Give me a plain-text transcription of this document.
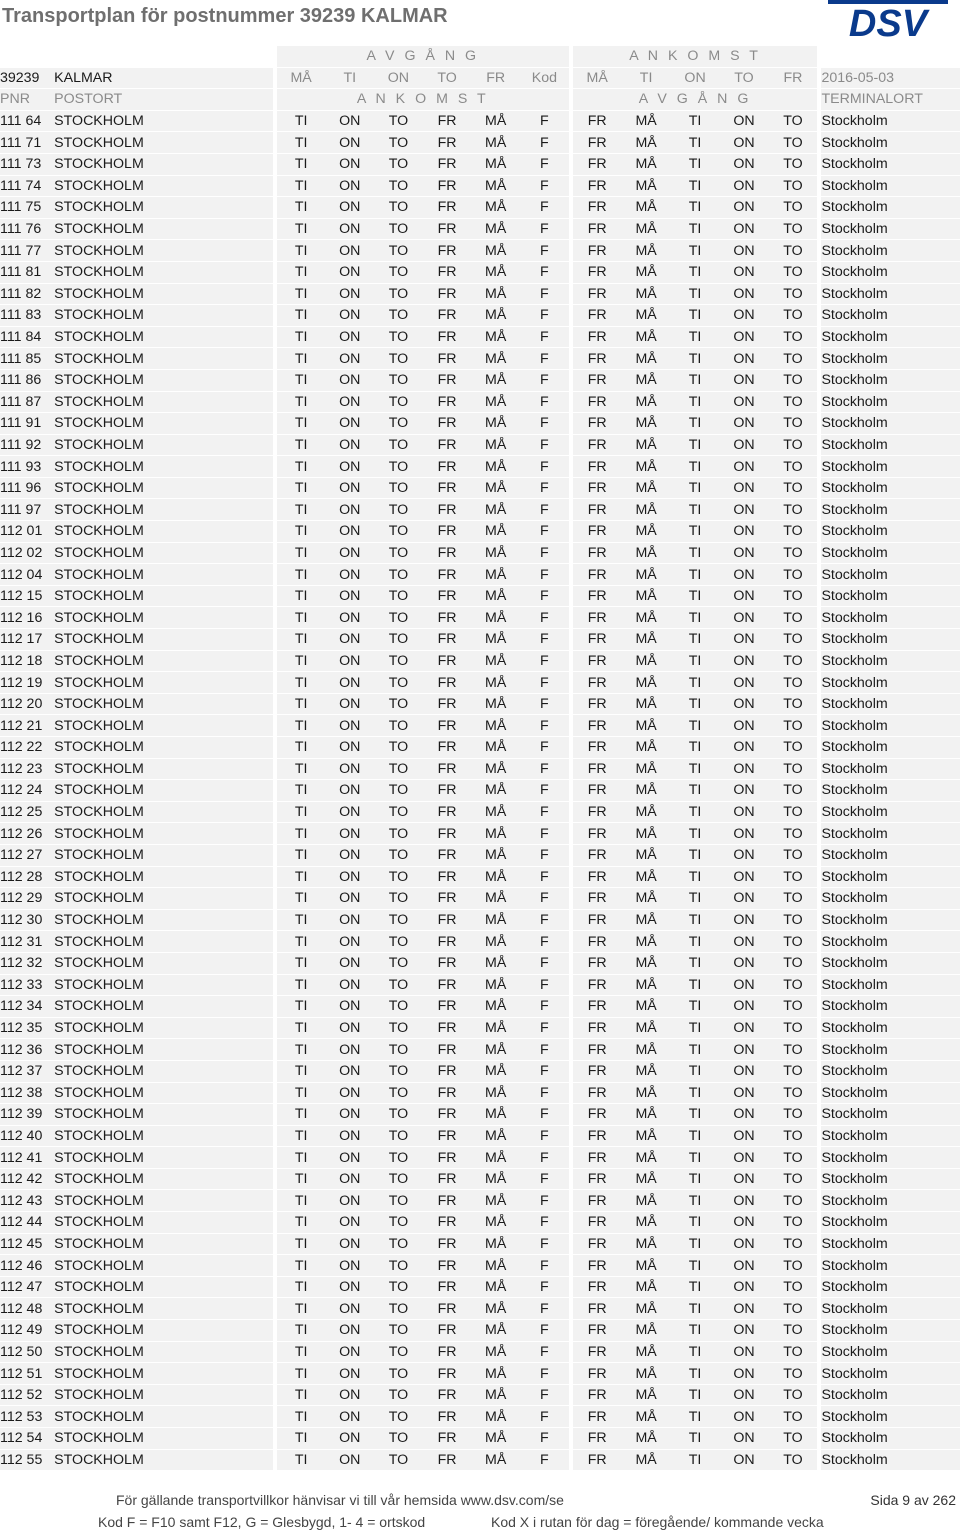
Transportplan för postnummer 39239 KALMAR	DSV
			A V G Å N G							A N K O M S T						
39239	KALMAR		MÅ	TI	ON	TO	FR	Kod		MÅ	TI	ON	TO	FR		2016-05-03
PNR	POSTORT		A N K O M S T							A V G Å N G						TERMINALORT
111 64	STOCKHOLM		TI	ON	TO	FR	MÅ	F		FR	MÅ	TI	ON	TO		Stockholm
111 71	STOCKHOLM		TI	ON	TO	FR	MÅ	F		FR	MÅ	TI	ON	TO		Stockholm
111 73	STOCKHOLM		TI	ON	TO	FR	MÅ	F		FR	MÅ	TI	ON	TO		Stockholm
111 74	STOCKHOLM		TI	ON	TO	FR	MÅ	F		FR	MÅ	TI	ON	TO		Stockholm
111 75	STOCKHOLM		TI	ON	TO	FR	MÅ	F		FR	MÅ	TI	ON	TO		Stockholm
111 76	STOCKHOLM		TI	ON	TO	FR	MÅ	F		FR	MÅ	TI	ON	TO		Stockholm
111 77	STOCKHOLM		TI	ON	TO	FR	MÅ	F		FR	MÅ	TI	ON	TO		Stockholm
111 81	STOCKHOLM		TI	ON	TO	FR	MÅ	F		FR	MÅ	TI	ON	TO		Stockholm
111 82	STOCKHOLM		TI	ON	TO	FR	MÅ	F		FR	MÅ	TI	ON	TO		Stockholm
111 83	STOCKHOLM		TI	ON	TO	FR	MÅ	F		FR	MÅ	TI	ON	TO		Stockholm
111 84	STOCKHOLM		TI	ON	TO	FR	MÅ	F		FR	MÅ	TI	ON	TO		Stockholm
111 85	STOCKHOLM		TI	ON	TO	FR	MÅ	F		FR	MÅ	TI	ON	TO		Stockholm
111 86	STOCKHOLM		TI	ON	TO	FR	MÅ	F		FR	MÅ	TI	ON	TO		Stockholm
111 87	STOCKHOLM		TI	ON	TO	FR	MÅ	F		FR	MÅ	TI	ON	TO		Stockholm
111 91	STOCKHOLM		TI	ON	TO	FR	MÅ	F		FR	MÅ	TI	ON	TO		Stockholm
111 92	STOCKHOLM		TI	ON	TO	FR	MÅ	F		FR	MÅ	TI	ON	TO		Stockholm
111 93	STOCKHOLM		TI	ON	TO	FR	MÅ	F		FR	MÅ	TI	ON	TO		Stockholm
111 96	STOCKHOLM		TI	ON	TO	FR	MÅ	F		FR	MÅ	TI	ON	TO		Stockholm
111 97	STOCKHOLM		TI	ON	TO	FR	MÅ	F		FR	MÅ	TI	ON	TO		Stockholm
112 01	STOCKHOLM		TI	ON	TO	FR	MÅ	F		FR	MÅ	TI	ON	TO		Stockholm
112 02	STOCKHOLM		TI	ON	TO	FR	MÅ	F		FR	MÅ	TI	ON	TO		Stockholm
112 04	STOCKHOLM		TI	ON	TO	FR	MÅ	F		FR	MÅ	TI	ON	TO		Stockholm
112 15	STOCKHOLM		TI	ON	TO	FR	MÅ	F		FR	MÅ	TI	ON	TO		Stockholm
112 16	STOCKHOLM		TI	ON	TO	FR	MÅ	F		FR	MÅ	TI	ON	TO		Stockholm
112 17	STOCKHOLM		TI	ON	TO	FR	MÅ	F		FR	MÅ	TI	ON	TO		Stockholm
112 18	STOCKHOLM		TI	ON	TO	FR	MÅ	F		FR	MÅ	TI	ON	TO		Stockholm
112 19	STOCKHOLM		TI	ON	TO	FR	MÅ	F		FR	MÅ	TI	ON	TO		Stockholm
112 20	STOCKHOLM		TI	ON	TO	FR	MÅ	F		FR	MÅ	TI	ON	TO		Stockholm
112 21	STOCKHOLM		TI	ON	TO	FR	MÅ	F		FR	MÅ	TI	ON	TO		Stockholm
112 22	STOCKHOLM		TI	ON	TO	FR	MÅ	F		FR	MÅ	TI	ON	TO		Stockholm
112 23	STOCKHOLM		TI	ON	TO	FR	MÅ	F		FR	MÅ	TI	ON	TO		Stockholm
112 24	STOCKHOLM		TI	ON	TO	FR	MÅ	F		FR	MÅ	TI	ON	TO		Stockholm
112 25	STOCKHOLM		TI	ON	TO	FR	MÅ	F		FR	MÅ	TI	ON	TO		Stockholm
112 26	STOCKHOLM		TI	ON	TO	FR	MÅ	F		FR	MÅ	TI	ON	TO		Stockholm
112 27	STOCKHOLM		TI	ON	TO	FR	MÅ	F		FR	MÅ	TI	ON	TO		Stockholm
112 28	STOCKHOLM		TI	ON	TO	FR	MÅ	F		FR	MÅ	TI	ON	TO		Stockholm
112 29	STOCKHOLM		TI	ON	TO	FR	MÅ	F		FR	MÅ	TI	ON	TO		Stockholm
112 30	STOCKHOLM		TI	ON	TO	FR	MÅ	F		FR	MÅ	TI	ON	TO		Stockholm
112 31	STOCKHOLM		TI	ON	TO	FR	MÅ	F		FR	MÅ	TI	ON	TO		Stockholm
112 32	STOCKHOLM		TI	ON	TO	FR	MÅ	F		FR	MÅ	TI	ON	TO		Stockholm
112 33	STOCKHOLM		TI	ON	TO	FR	MÅ	F		FR	MÅ	TI	ON	TO		Stockholm
112 34	STOCKHOLM		TI	ON	TO	FR	MÅ	F		FR	MÅ	TI	ON	TO		Stockholm
112 35	STOCKHOLM		TI	ON	TO	FR	MÅ	F		FR	MÅ	TI	ON	TO		Stockholm
112 36	STOCKHOLM		TI	ON	TO	FR	MÅ	F		FR	MÅ	TI	ON	TO		Stockholm
112 37	STOCKHOLM		TI	ON	TO	FR	MÅ	F		FR	MÅ	TI	ON	TO		Stockholm
112 38	STOCKHOLM		TI	ON	TO	FR	MÅ	F		FR	MÅ	TI	ON	TO		Stockholm
112 39	STOCKHOLM		TI	ON	TO	FR	MÅ	F		FR	MÅ	TI	ON	TO		Stockholm
112 40	STOCKHOLM		TI	ON	TO	FR	MÅ	F		FR	MÅ	TI	ON	TO		Stockholm
112 41	STOCKHOLM		TI	ON	TO	FR	MÅ	F		FR	MÅ	TI	ON	TO		Stockholm
112 42	STOCKHOLM		TI	ON	TO	FR	MÅ	F		FR	MÅ	TI	ON	TO		Stockholm
112 43	STOCKHOLM		TI	ON	TO	FR	MÅ	F		FR	MÅ	TI	ON	TO		Stockholm
112 44	STOCKHOLM		TI	ON	TO	FR	MÅ	F		FR	MÅ	TI	ON	TO		Stockholm
112 45	STOCKHOLM		TI	ON	TO	FR	MÅ	F		FR	MÅ	TI	ON	TO		Stockholm
112 46	STOCKHOLM		TI	ON	TO	FR	MÅ	F		FR	MÅ	TI	ON	TO		Stockholm
112 47	STOCKHOLM		TI	ON	TO	FR	MÅ	F		FR	MÅ	TI	ON	TO		Stockholm
112 48	STOCKHOLM		TI	ON	TO	FR	MÅ	F		FR	MÅ	TI	ON	TO		Stockholm
112 49	STOCKHOLM		TI	ON	TO	FR	MÅ	F		FR	MÅ	TI	ON	TO		Stockholm
112 50	STOCKHOLM		TI	ON	TO	FR	MÅ	F		FR	MÅ	TI	ON	TO		Stockholm
112 51	STOCKHOLM		TI	ON	TO	FR	MÅ	F		FR	MÅ	TI	ON	TO		Stockholm
112 52	STOCKHOLM		TI	ON	TO	FR	MÅ	F		FR	MÅ	TI	ON	TO		Stockholm
112 53	STOCKHOLM		TI	ON	TO	FR	MÅ	F		FR	MÅ	TI	ON	TO		Stockholm
112 54	STOCKHOLM		TI	ON	TO	FR	MÅ	F		FR	MÅ	TI	ON	TO		Stockholm
112 55	STOCKHOLM		TI	ON	TO	FR	MÅ	F		FR	MÅ	TI	ON	TO		Stockholm
För gällande transportvillkor hänvisar vi till vår hemsida www.dsv.com/se	Sida 9 av 262
Kod F = F10 samt F12, G = Glesbygd, 1- 4 = ortskod	Kod X i rutan för dag = föregående/ kommande vecka
